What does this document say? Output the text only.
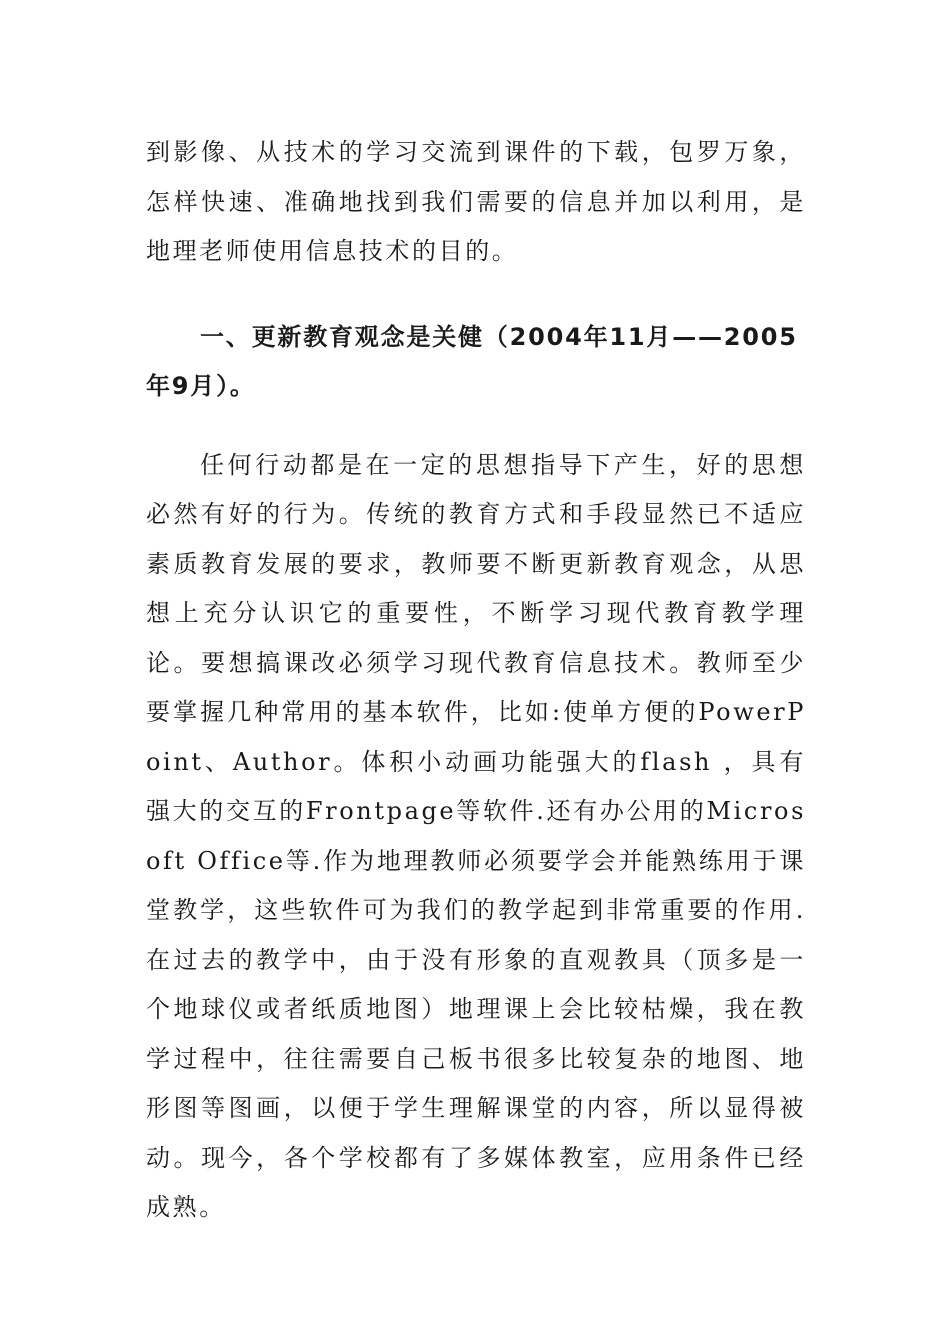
到影像、从技术的学习交流到课件的下载，包罗万象，怎样快速、准确地找到我们需要的信息并加以利用，是地理老师使用信息技术的目的。

一、更新教育观念是关健（2004年11月——2005年9月）。

任何行动都是在一定的思想指导下产生，好的思想必然有好的行为。传统的教育方式和手段显然已不适应素质教育发展的要求，教师要不断更新教育观念，从思想上充分认识它的重要性，不断学习现代教育教学理论。要想搞课改必须学习现代教育信息技术。教师至少要掌握几种常用的基本软件，比如:使单方便的PowerPoint、Author。体积小动画功能强大的flash ，具有强大的交互的Frontpage等软件.还有办公用的Microsoft Office等.作为地理教师必须要学会并能熟练用于课堂教学，这些软件可为我们的教学起到非常重要的作用.在过去的教学中，由于没有形象的直观教具（顶多是一个地球仪或者纸质地图）地理课上会比较枯燥，我在教学过程中，往往需要自己板书很多比较复杂的地图、地形图等图画，以便于学生理解课堂的内容，所以显得被动。现今，各个学校都有了多媒体教室，应用条件已经成熟。
